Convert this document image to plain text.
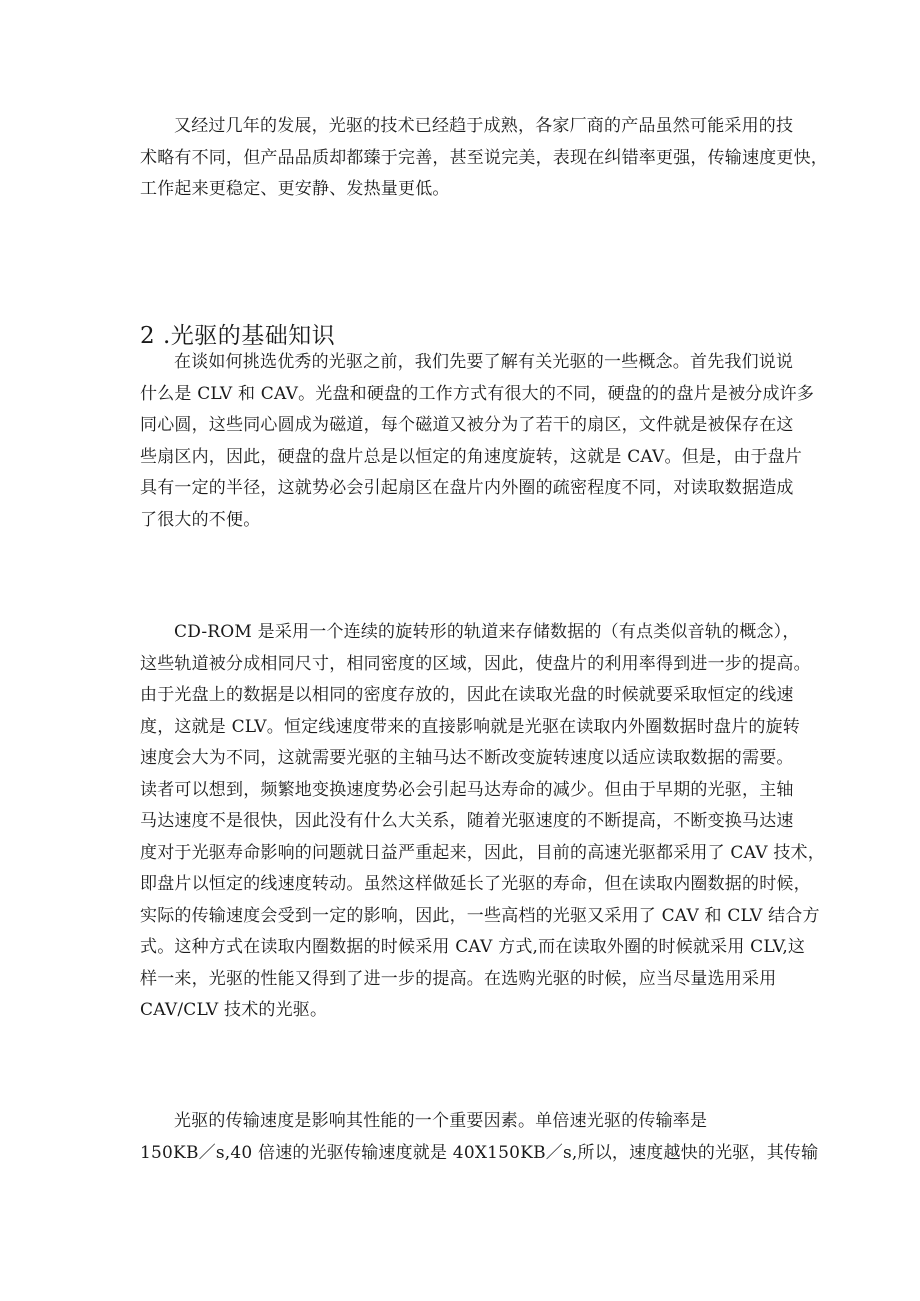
又经过几年的发展，光驱的技术已经趋于成熟，各家厂商的产品虽然可能采用的技
术略有不同，但产品品质却都臻于完善，甚至说完美，表现在纠错率更强，传输速度更快，
工作起来更稳定、更安静、发热量更低。
2 .光驱的基础知识
在谈如何挑选优秀的光驱之前，我们先要了解有关光驱的一些概念。首先我们说说
什么是 CLV 和 CAV。光盘和硬盘的工作方式有很大的不同，硬盘的的盘片是被分成许多
同心圆，这些同心圆成为磁道，每个磁道又被分为了若干的扇区，文件就是被保存在这
些扇区内，因此，硬盘的盘片总是以恒定的角速度旋转，这就是 CAV。但是，由于盘片
具有一定的半径，这就势必会引起扇区在盘片内外圈的疏密程度不同，对读取数据造成
了很大的不便。
CD-ROM 是采用一个连续的旋转形的轨道来存储数据的（有点类似音轨的概念），
这些轨道被分成相同尺寸，相同密度的区域，因此，使盘片的利用率得到进一步的提高。
由于光盘上的数据是以相同的密度存放的，因此在读取光盘的时候就要采取恒定的线速
度，这就是 CLV。恒定线速度带来的直接影响就是光驱在读取内外圈数据时盘片的旋转
速度会大为不同，这就需要光驱的主轴马达不断改变旋转速度以适应读取数据的需要。
读者可以想到，频繁地变换速度势必会引起马达寿命的减少。但由于早期的光驱，主轴
马达速度不是很快，因此没有什么大关系，随着光驱速度的不断提高，不断变换马达速
度对于光驱寿命影响的问题就日益严重起来，因此，目前的高速光驱都采用了 CAV 技术，
即盘片以恒定的线速度转动。虽然这样做延长了光驱的寿命，但在读取内圈数据的时候，
实际的传输速度会受到一定的影响，因此，一些高档的光驱又采用了 CAV 和 CLV 结合方
式。这种方式在读取内圈数据的时候采用 CAV 方式,而在读取外圈的时候就采用 CLV,这
样一来，光驱的性能又得到了进一步的提高。在选购光驱的时候，应当尽量选用采用
CAV/CLV 技术的光驱。
光驱的传输速度是影响其性能的一个重要因素。单倍速光驱的传输率是
150KB／s,40 倍速的光驱传输速度就是 40X150KB／s,所以，速度越快的光驱，其传输
